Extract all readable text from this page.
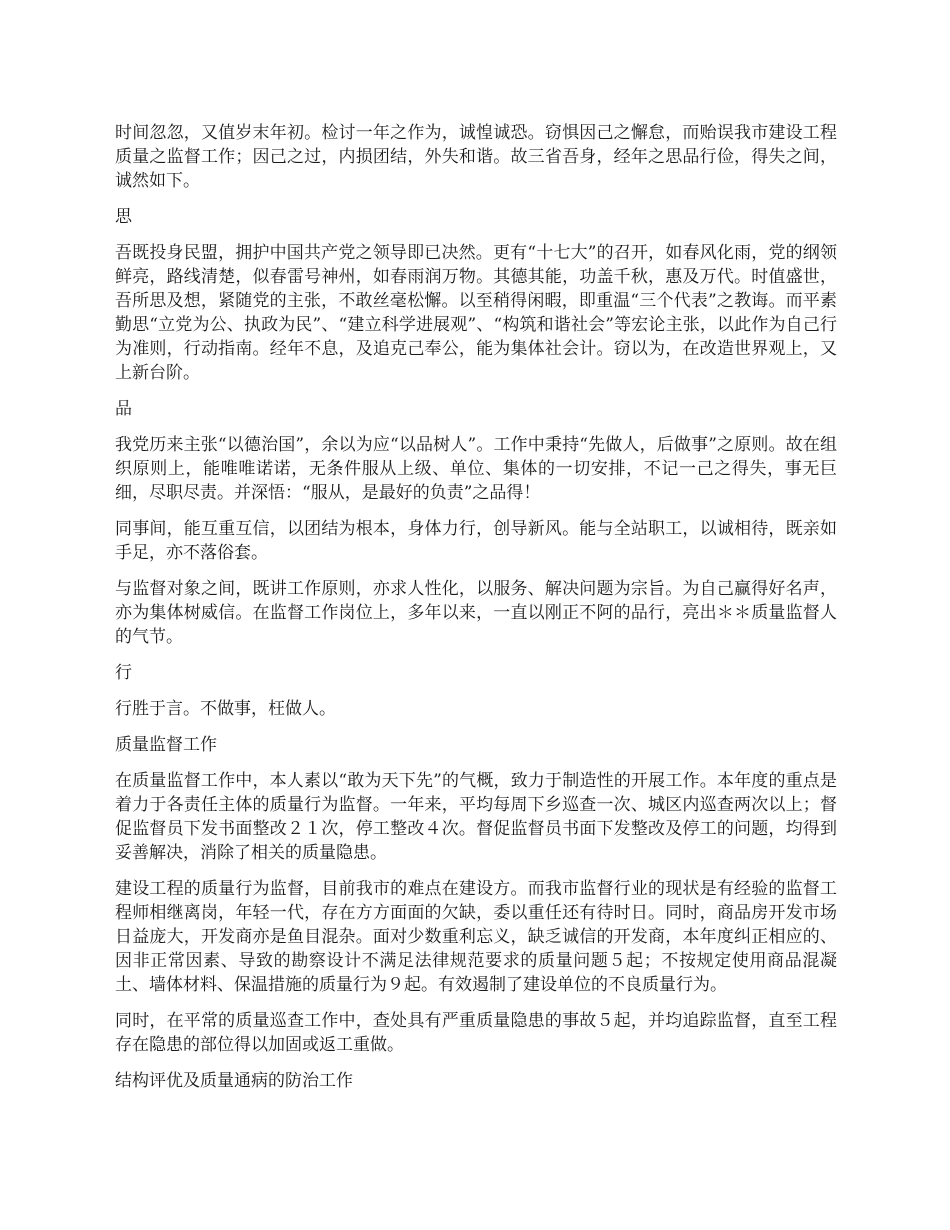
时间忽忽，又值岁末年初。检讨一年之作为，诚惶诚恐。窃惧因己之懈怠，而贻误我市建设工程质量之监督工作；因己之过，内损团结，外失和谐。故三省吾身，经年之思品行俭，得失之间，诚然如下。

思

吾既投身民盟，拥护中国共产党之领导即已决然。更有“十七大”的召开，如春风化雨，党的纲领鲜亮，路线清楚，似春雷号神州，如春雨润万物。其德其能，功盖千秋，惠及万代。时值盛世，吾所思及想，紧随党的主张，不敢丝毫松懈。以至稍得闲暇，即重温“三个代表”之教诲。而平素勤思“立党为公、执政为民”、“建立科学进展观”、“构筑和谐社会”等宏论主张，以此作为自己行为准则，行动指南。经年不息，及追克己奉公，能为集体社会计。窃以为，在改造世界观上，又上新台阶。

品

我党历来主张“以德治国”，余以为应“以品树人”。工作中秉持“先做人，后做事”之原则。故在组织原则上，能唯唯诺诺，无条件服从上级、单位、集体的一切安排，不记一己之得失，事无巨细，尽职尽责。并深悟：“服从，是最好的负责”之品得！

同事间，能互重互信，以团结为根本，身体力行，创导新风。能与全站职工，以诚相待，既亲如手足，亦不落俗套。

与监督对象之间，既讲工作原则，亦求人性化，以服务、解决问题为宗旨。为自己赢得好名声，亦为集体树威信。在监督工作岗位上，多年以来，一直以刚正不阿的品行，亮出＊＊质量监督人的气节。

行

行胜于言。不做事，枉做人。

质量监督工作

在质量监督工作中，本人素以“敢为天下先”的气概，致力于制造性的开展工作。本年度的重点是着力于各责任主体的质量行为监督。一年来，平均每周下乡巡查一次、城区内巡查两次以上；督促监督员下发书面整改２１次，停工整改４次。督促监督员书面下发整改及停工的问题，均得到妥善解决，消除了相关的质量隐患。

建设工程的质量行为监督，目前我市的难点在建设方。而我市监督行业的现状是有经验的监督工程师相继离岗，年轻一代，存在方方面面的欠缺，委以重任还有待时日。同时，商品房开发市场日益庞大，开发商亦是鱼目混杂。面对少数重利忘义，缺乏诚信的开发商，本年度纠正相应的、因非正常因素、导致的勘察设计不满足法律规范要求的质量问题５起；不按规定使用商品混凝土、墙体材料、保温措施的质量行为９起。有效遏制了建设单位的不良质量行为。

同时，在平常的质量巡查工作中，查处具有严重质量隐患的事故５起，并均追踪监督，直至工程存在隐患的部位得以加固或返工重做。

结构评优及质量通病的防治工作
